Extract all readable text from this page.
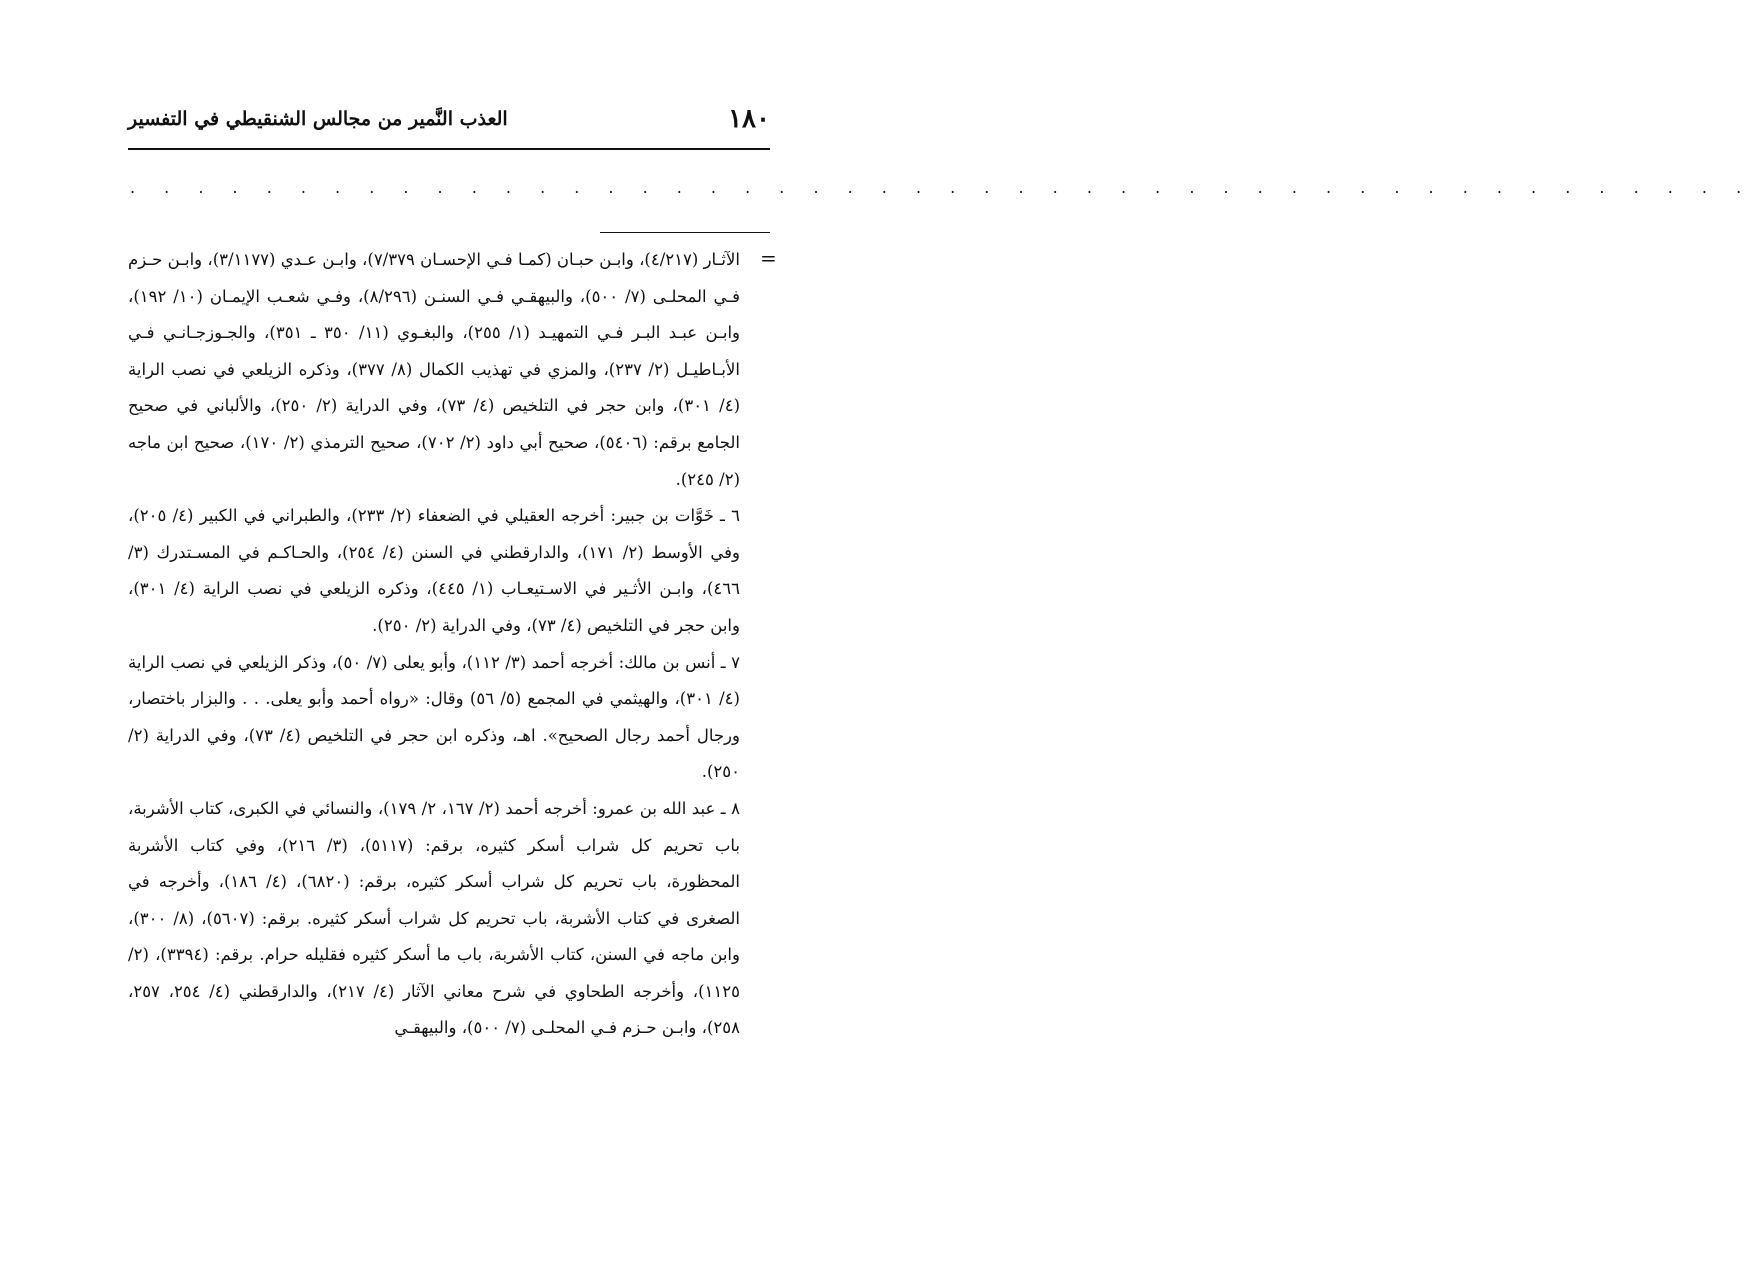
١٨٠
العذب النَّمير من مجالس الشنقيطي في التفسير
. . . . . . . . . . . . . . . . . . . . . . . . . . . . . . . . . . . . . . . . . . . . . . . .
=

الآثـار (٤/٢١٧)، وابـن حبـان (كمـا فـي الإحسـان ٧/٣٧٩)، وابـن عـدي (٣/١١٧٧)، وابـن حـزم فـي المحلـى (٧/ ٥٠٠)، والبيهقـي فـي السنـن (٨/٢٩٦)، وفـي شعـب الإيمـان (١٠/ ١٩٢)، وابـن عبـد البـر فـي التمهيـد (١/ ٢٥٥)، والبغـوي (١١/ ٣٥٠ ـ ٣٥١)، والجـوزجـانـي فـي الأبـاطيـل (٢/ ٢٣٧)، والمزي في تهذيب الكمال (٨/ ٣٧٧)، وذكره الزيلعي في نصب الراية (٤/ ٣٠١)، وابن حجر في التلخيص (٤/ ٧٣)، وفي الدراية (٢/ ٢٥٠)، والألباني في صحيح الجامع برقم: (٥٤٠٦)، صحيح أبي داود (٢/ ٧٠٢)، صحيح الترمذي (٢/ ١٧٠)، صحيح ابن ماجه (٢/ ٢٤٥).

٦ ـ خَوَّات بن جبير: أخرجه العقيلي في الضعفاء (٢/ ٢٣٣)، والطبراني في الكبير (٤/ ٢٠٥)، وفي الأوسط (٢/ ١٧١)، والدارقطني في السنن (٤/ ٢٥٤)، والحـاكـم في المسـتدرك (٣/ ٤٦٦)، وابـن الأثـير في الاسـتيعـاب (١/ ٤٤٥)، وذكره الزيلعي في نصب الراية (٤/ ٣٠١)، وابن حجر في التلخيص (٤/ ٧٣)، وفي الدراية (٢/ ٢٥٠).

٧ ـ أنس بن مالك: أخرجه أحمد (٣/ ١١٢)، وأبو يعلى (٧/ ٥٠)، وذكر الزيلعي في نصب الراية (٤/ ٣٠١)، والهيثمي في المجمع (٥/ ٥٦) وقال: «رواه أحمد وأبو يعلى. . . والبزار باختصار، ورجال أحمد رجال الصحيح». اهـ، وذكره ابن حجر في التلخيص (٤/ ٧٣)، وفي الدراية (٢/ ٢٥٠).

٨ ـ عبد الله بن عمرو: أخرجه أحمد (٢/ ١٦٧، ٢/ ١٧٩)، والنسائي في الكبرى، كتاب الأشربة، باب تحريم كل شراب أسكر كثيره، برقم: (٥١١٧)، (٣/ ٢١٦)، وفي كتاب الأشربة المحظورة، باب تحريم كل شراب أسكر كثيره، برقم: (٦٨٢٠)، (٤/ ١٨٦)، وأخرجه في الصغرى في كتاب الأشربة، باب تحريم كل شراب أسكر كثيره. برقم: (٥٦٠٧)، (٨/ ٣٠٠)، وابن ماجه في السنن، كتاب الأشربة، باب ما أسكر كثيره فقليله حرام. برقم: (٣٣٩٤)، (٢/ ١١٢٥)، وأخرجه الطحاوي في شرح معاني الآثار (٤/ ٢١٧)، والدارقطني (٤/ ٢٥٤، ٢٥٧، ٢٥٨)، وابـن حـزم فـي المحلـى (٧/ ٥٠٠)، والبيهقـي
